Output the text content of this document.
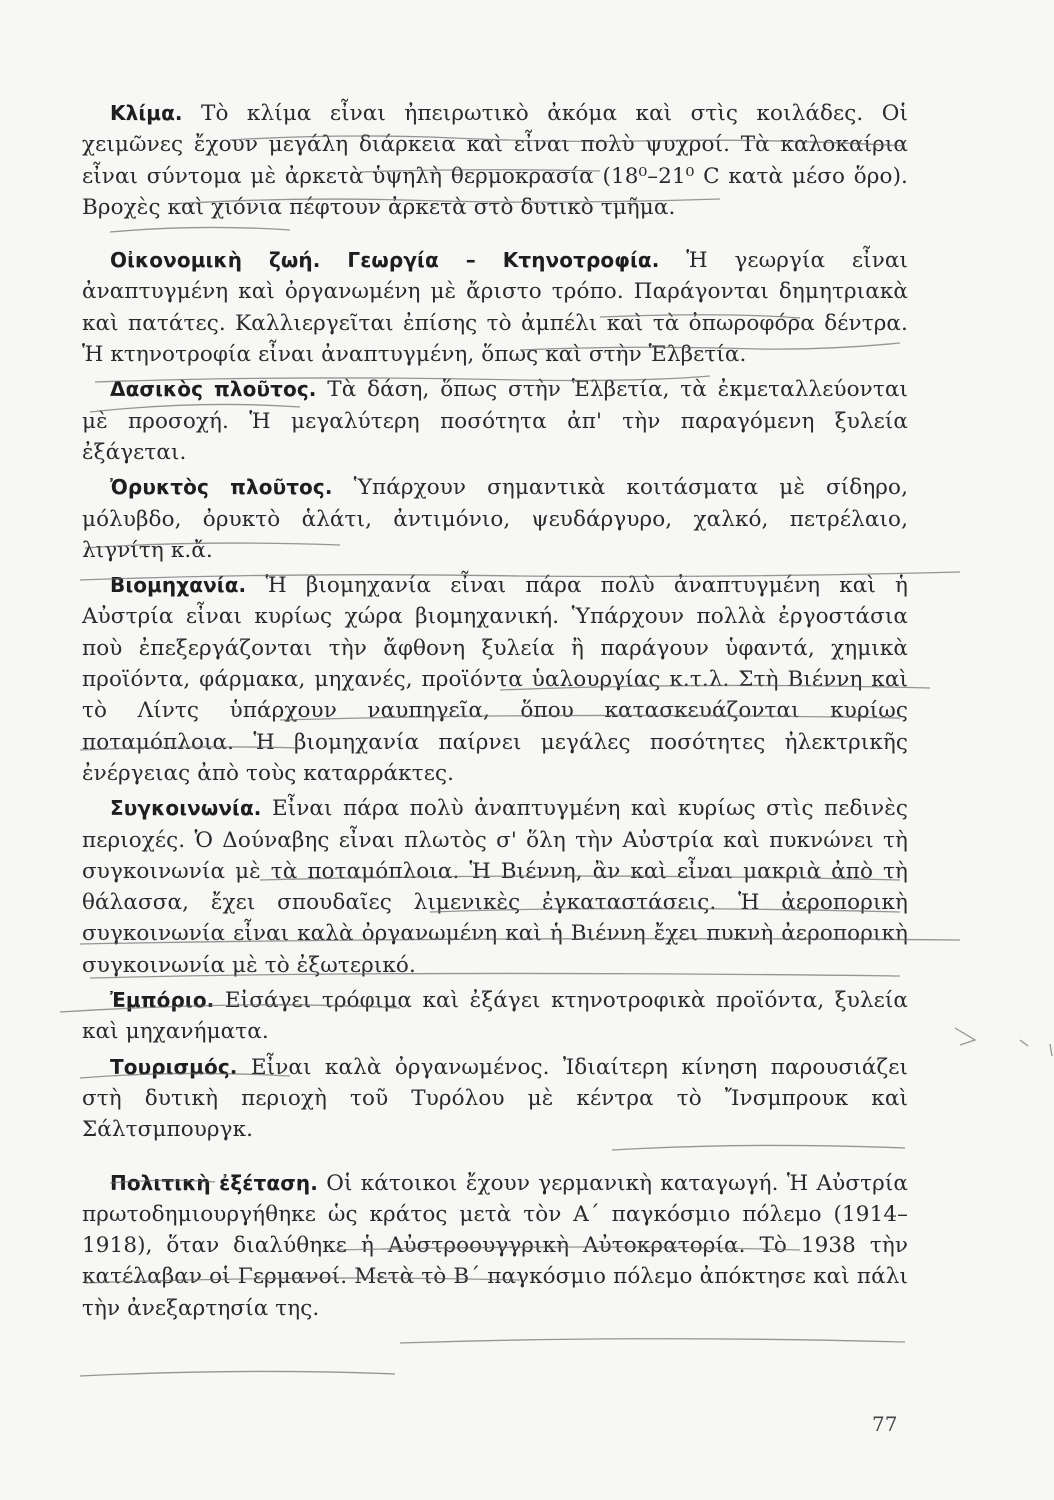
Κλίμα. Τὸ κλίμα εἶναι ἠπειρωτικὸ ἀκόμα καὶ στὶς κοιλάδες. Οἱ χειμῶνες ἔχουν μεγάλη διάρκεια καὶ εἶναι πολὺ ψυχροί. Τὰ καλοκαίρια εἶναι σύντομα μὲ ἀρκετὰ ὑψηλὴ θερμοκρασία (18⁰–21⁰ C κατὰ μέσο ὅρο). Βροχὲς καὶ χιόνια πέφτουν ἀρκετὰ στὸ δυτικὸ τμῆμα.

Οἰκονομικὴ ζωή. Γεωργία – Κτηνοτροφία. Ἡ γεωργία εἶναι ἀναπτυγμένη καὶ ὀργανωμένη μὲ ἄριστο τρόπο. Παράγονται δημητριακὰ καὶ πατάτες. Καλλιεργεῖται ἐπίσης τὸ ἀμπέλι καὶ τὰ ὀπωροφόρα δέντρα. Ἡ κτηνοτροφία εἶναι ἀναπτυγμένη, ὅπως καὶ στὴν Ἑλβετία.

Δασικὸς πλοῦτος. Τὰ δάση, ὅπως στὴν Ἑλβετία, τὰ ἐκμεταλλεύονται μὲ προσοχή. Ἡ μεγαλύτερη ποσότητα ἀπ' τὴν παραγόμενη ξυλεία ἐξάγεται.

Ὀρυκτὸς πλοῦτος. Ὑπάρχουν σημαντικὰ κοιτάσματα μὲ σίδηρο, μόλυβδο, ὀρυκτὸ ἁλάτι, ἀντιμόνιο, ψευδάργυρο, χαλκό, πετρέλαιο, λιγνίτη κ.ἄ.

Βιομηχανία. Ἡ βιομηχανία εἶναι πάρα πολὺ ἀναπτυγμένη καὶ ἡ Αὐστρία εἶναι κυρίως χώρα βιομηχανική. Ὑπάρχουν πολλὰ ἐργοστάσια ποὺ ἐπεξεργάζονται τὴν ἄφθονη ξυλεία ἢ παράγουν ὑφαντά, χημικὰ προϊόντα, φάρμακα, μηχανές, προϊόντα ὑαλουργίας κ.τ.λ. Στὴ Βιέννη καὶ τὸ Λίντς ὑπάρχουν ναυπηγεῖα, ὅπου κατασκευάζονται κυρίως ποταμόπλοια. Ἡ βιομηχανία παίρνει μεγάλες ποσότητες ἠλεκτρικῆς ἐνέργειας ἀπὸ τοὺς καταρράκτες.

Συγκοινωνία. Εἶναι πάρα πολὺ ἀναπτυγμένη καὶ κυρίως στὶς πεδινὲς περιοχές. Ὁ Δούναβης εἶναι πλωτὸς σ' ὅλη τὴν Αὐστρία καὶ πυκνώνει τὴ συγκοινωνία μὲ τὰ ποταμόπλοια. Ἡ Βιέννη, ἂν καὶ εἶναι μακριὰ ἀπὸ τὴ θάλασσα, ἔχει σπουδαῖες λιμενικὲς ἐγκαταστάσεις. Ἡ ἀεροπορικὴ συγκοινωνία εἶναι καλὰ ὀργανωμένη καὶ ἡ Βιέννη ἔχει πυκνὴ ἀεροπορικὴ συγκοινωνία μὲ τὸ ἐξωτερικό.

Ἐμπόριο. Εἰσάγει τρόφιμα καὶ ἐξάγει κτηνοτροφικὰ προϊόντα, ξυλεία καὶ μηχανήματα.

Τουρισμός. Εἶναι καλὰ ὀργανωμένος. Ἰδιαίτερη κίνηση παρουσιάζει στὴ δυτικὴ περιοχὴ τοῦ Τυρόλου μὲ κέντρα τὸ Ἴνσμπρουκ καὶ Σάλτσμπουργκ.

Πολιτικὴ ἐξέταση. Οἱ κάτοικοι ἔχουν γερμανικὴ καταγωγή. Ἡ Αὐστρία πρωτοδημιουργήθηκε ὡς κράτος μετὰ τὸν Α΄ παγκόσμιο πόλεμο (1914–1918), ὅταν διαλύθηκε ἡ Αὐστροουγγρικὴ Αὐτοκρατορία. Τὸ 1938 τὴν κατέλαβαν οἱ Γερμανοί. Μετὰ τὸ Β΄ παγκόσμιο πόλεμο ἀπόκτησε καὶ πάλι τὴν ἀνεξαρτησία της.

77
